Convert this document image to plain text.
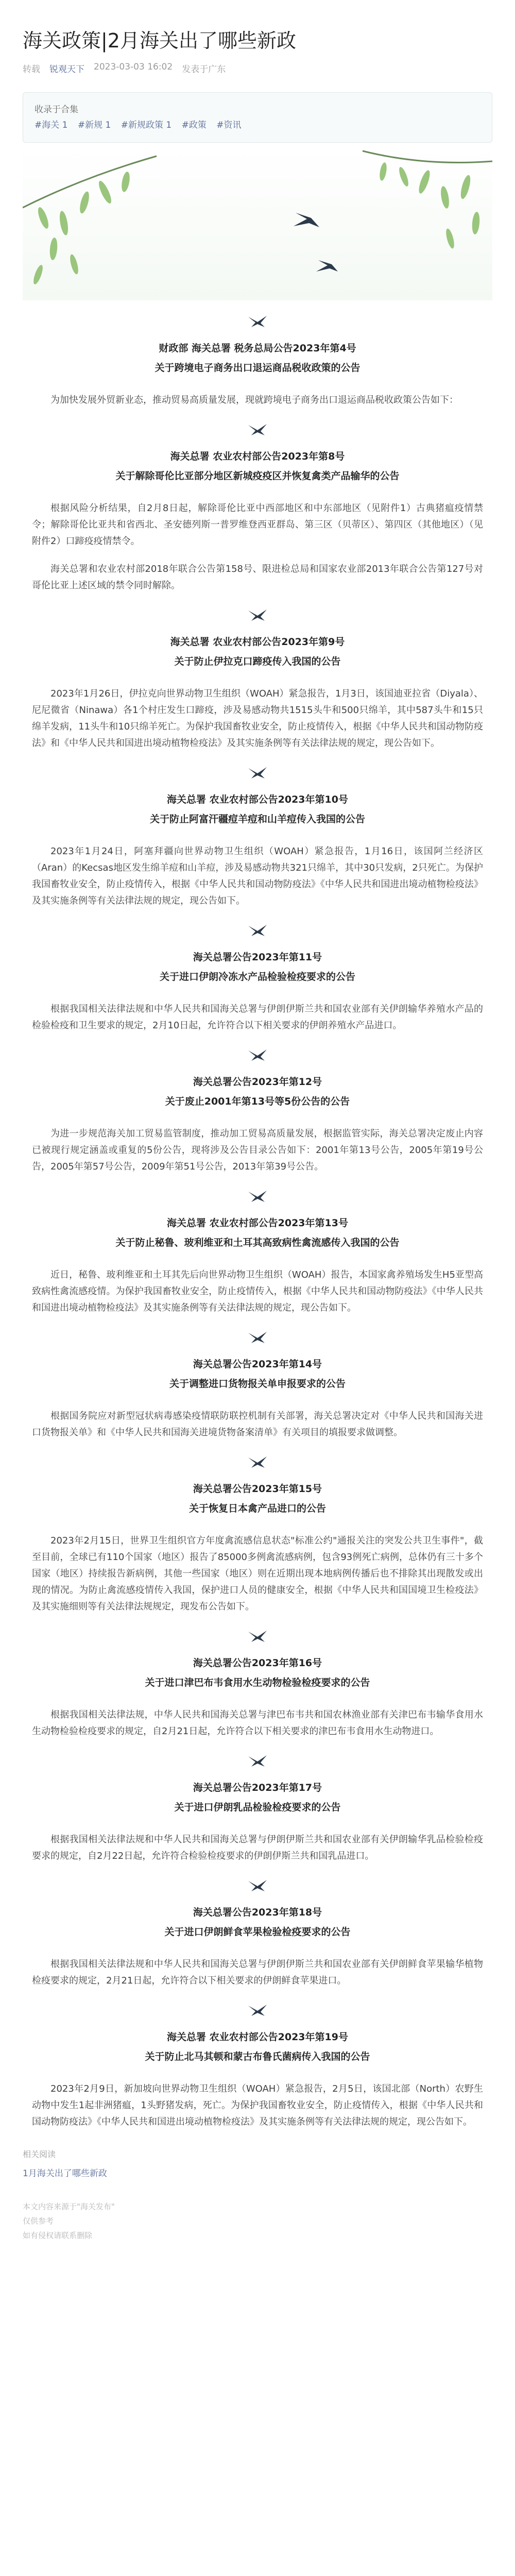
海关政策|2月海关出了哪些新政
转载 锐观天下 2023-03-03 16:02 发表于广东
收录于合集
#海关 1 #新规 1 #新规政策 1 #政策 #资讯
财政部 海关总署 税务总局公告2023年第4号
关于跨境电子商务出口退运商品税收政策的公告

为加快发展外贸新业态，推动贸易高质量发展，现就跨境电子商务出口退运商品税收政策公告如下：

海关总署 农业农村部公告2023年第8号
关于解除哥伦比亚部分地区新城疫疫区并恢复禽类产品输华的公告

根据风险分析结果，自2月8日起，解除哥伦比亚中西部地区和中东部地区（见附件1）古典猪瘟疫情禁令；解除哥伦比亚共和省西北、圣安德列斯一普罗维登西亚群岛、第三区（贝蒂区）、第四区（其他地区）（见附件2）口蹄疫疫情禁令。

海关总署和农业农村部2018年联合公告第158号、限进检总局和国家农业部2013年联合公告第127号对哥伦比亚上述区域的禁令同时解除。

海关总署 农业农村部公告2023年第9号
关于防止伊拉克口蹄疫传入我国的公告

2023年1月26日，伊拉克向世界动物卫生组织（WOAH）紧急报告，1月3日，该国迪亚拉省（Diyala）、尼尼微省（Ninawa）各1个村庄发生口蹄疫，涉及易感动物共1515头牛和500只绵羊，其中587头牛和15只绵羊发病，11头牛和10只绵羊死亡。为保护我国畜牧业安全，防止疫情传入，根据《中华人民共和国动物防疫法》和《中华人民共和国进出境动植物检疫法》及其实施条例等有关法律法规的规定，现公告如下。

海关总署 农业农村部公告2023年第10号
关于防止阿富汗疆痘羊痘和山羊痘传入我国的公告

2023年1月24日，阿塞拜疆向世界动物卫生组织（WOAH）紧急报告，1月16日，该国阿兰经济区（Aran）的Kecsas地区发生绵羊痘和山羊痘，涉及易感动物共321只绵羊，其中30只发病，2只死亡。为保护我国畜牧业安全，防止疫情传入，根据《中华人民共和国动物防疫法》《中华人民共和国进出境动植物检疫法》及其实施条例等有关法律法规的规定，现公告如下。

海关总署公告2023年第11号
关于进口伊朗冷冻水产品检验检疫要求的公告

根据我国相关法律法规和中华人民共和国海关总署与伊朗伊斯兰共和国农业部有关伊朗输华养殖水产品的检验检疫和卫生要求的规定，2月10日起，允许符合以下相关要求的伊朗养殖水产品进口。

海关总署公告2023年第12号
关于废止2001年第13号等5份公告的公告

为进一步规范海关加工贸易监管制度，推动加工贸易高质量发展，根据监管实际，海关总署决定废止内容已被现行规定涵盖或重复的5份公告，现将涉及公告目录公告如下：2001年第13号公告，2005年第19号公告，2005年第57号公告，2009年第51号公告，2013年第39号公告。

海关总署 农业农村部公告2023年第13号
关于防止秘鲁、玻利维亚和土耳其高致病性禽流感传入我国的公告

近日，秘鲁、玻利维亚和土耳其先后向世界动物卫生组织（WOAH）报告，本国家禽养殖场发生H5亚型高致病性禽流感疫情。为保护我国畜牧业安全，防止疫情传入，根据《中华人民共和国动物防疫法》《中华人民共和国进出境动植物检疫法》及其实施条例等有关法律法规的规定，现公告如下。

海关总署公告2023年第14号
关于调整进口货物报关单申报要求的公告

根据国务院应对新型冠状病毒感染疫情联防联控机制有关部署，海关总署决定对《中华人民共和国海关进口货物报关单》和《中华人民共和国海关进境货物备案清单》有关项目的填报要求做调整。

海关总署公告2023年第15号
关于恢复日本禽产品进口的公告

2023年2月15日，世界卫生组织官方年度禽流感信息状态"标准公约"通报关注的突发公共卫生事件"，截至目前，全球已有110个国家（地区）报告了85000多例禽流感病例，包含93例死亡病例，总体仍有三十多个国家（地区）持续报告新病例，其他一些国家（地区）则在近期出现本地病例传播后也不排除其出现散发或出现的情况。为防止禽流感疫情传入我国，保护进口人员的健康安全，根据《中华人民共和国国境卫生检疫法》及其实施细则等有关法律法规规定，现发布公告如下。

海关总署公告2023年第16号
关于进口津巴布韦食用水生动物检验检疫要求的公告

根据我国相关法律法规，中华人民共和国海关总署与津巴布韦共和国农林渔业部有关津巴布韦输华食用水生动物检验检疫要求的规定，自2月21日起，允许符合以下相关要求的津巴布韦食用水生动物进口。

海关总署公告2023年第17号
关于进口伊朗乳品检验检疫要求的公告

根据我国相关法律法规和中华人民共和国海关总署与伊朗伊斯兰共和国农业部有关伊朗输华乳品检验检疫要求的规定，自2月22日起，允许符合检验检疫要求的伊朗伊斯兰共和国乳品进口。

海关总署公告2023年第18号
关于进口伊朗鲜食苹果检验检疫要求的公告

根据我国相关法律法规和中华人民共和国海关总署与伊朗伊斯兰共和国农业部有关伊朗鲜食苹果输华植物检疫要求的规定，2月21日起，允许符合以下相关要求的伊朗鲜食苹果进口。

海关总署 农业农村部公告2023年第19号
关于防止北马其顿和蒙古布鲁氏菌病传入我国的公告

2023年2月9日，新加坡向世界动物卫生组织（WOAH）紧急报告，2月5日，该国北部（North）农野生动物中发生1起非洲猪瘟，1头野猪发病，死亡。为保护我国畜牧业安全，防止疫情传入，根据《中华人民共和国动物防疫法》《中华人民共和国进出境动植物检疫法》及其实施条例等有关法律法规的规定，现公告如下。

相关阅读
1月海关出了哪些新政
本文内容来源于"海关发布"
仅供参考
如有侵权请联系删除
